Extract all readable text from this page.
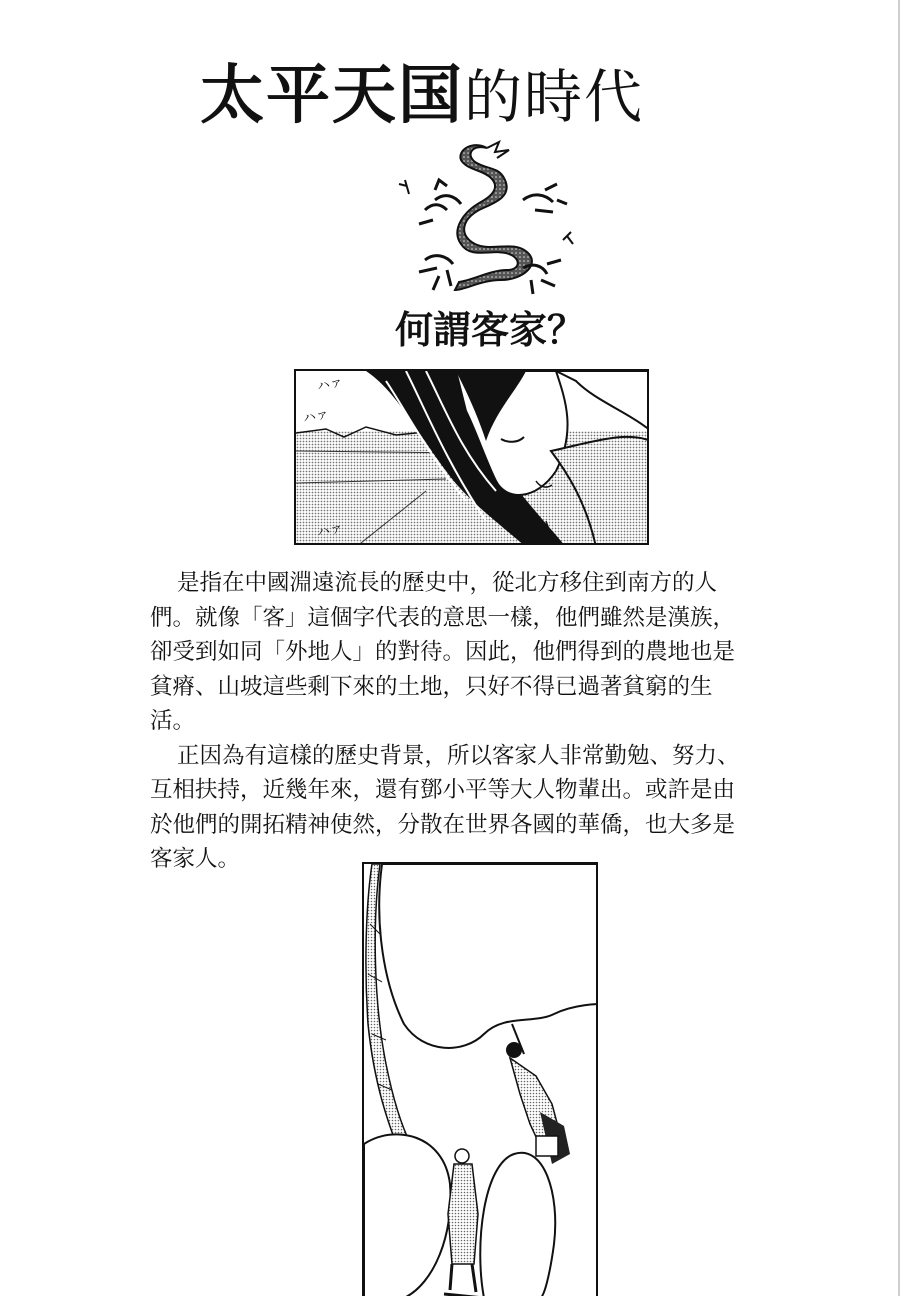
太平天国的時代
何謂客家？
ハァ
ハァ
ハァ

是指在中國淵遠流長的歷史中，從北方移住到南方的人們。就像「客」這個字代表的意思一樣，他們雖然是漢族，卻受到如同「外地人」的對待。因此，他們得到的農地也是貧瘠、山坡這些剩下來的土地，只好不得已過著貧窮的生活。

正因為有這樣的歷史背景，所以客家人非常勤勉、努力、互相扶持，近幾年來，還有鄧小平等大人物輩出。或許是由於他們的開拓精神使然，分散在世界各國的華僑，也大多是客家人。
